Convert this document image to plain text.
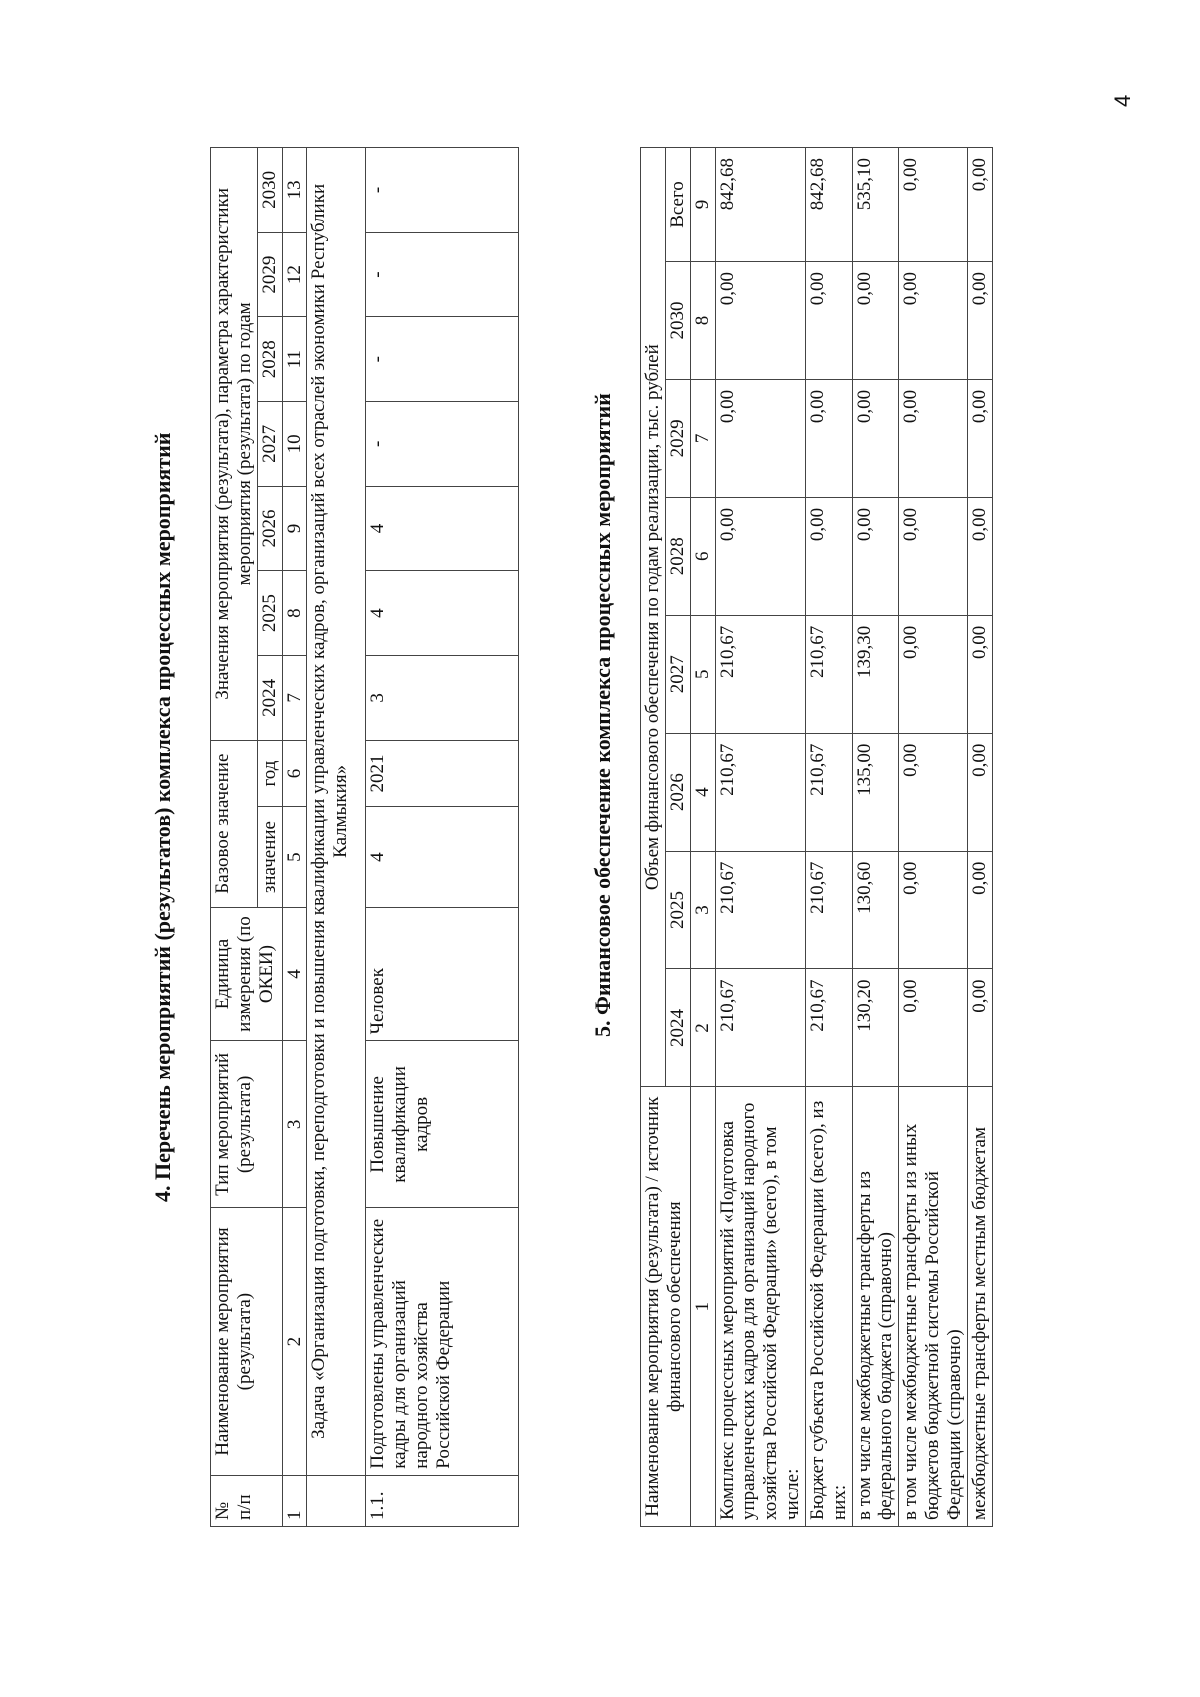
4. Перечень мероприятий (результатов) комплекса процессных мероприятий
№ п/п	Наименование мероприятия (результата)	Тип мероприятий (результата)	Единица измерения (по ОКЕИ)	Базовое значение		Значения мероприятия (результата), параметра характеристики мероприятия (результата) по годам						
				значение	год	2024	2025	2026	2027	2028	2029	2030
1	2	3	4	5	6	7	8	9	10	11	12	13
	Задача «Организация подготовки, переподготовки и повышения квалификации управленческих кадров, организаций всех отраслей экономики Республики Калмыкия»											
1.1.	Подготовлены управленческие кадры для организаций народного хозяйства Российской Федерации	Повышение квалификации кадров	Человек	4	2021	3	4	4	-	-	-	-
5. Финансовое обеспечение комплекса процессных мероприятий
Наименование мероприятия (результата) / источник финансового обеспечения	Объем финансового обеспечения по годам реализации, тыс. рублей							
	2024	2025	2026	2027	2028	2029	2030	Всего
1	2	3	4	5	6	7	8	9
Комплекс процессных мероприятий «Подготовка управленческих кадров для организаций народного хозяйства Российской Федерации» (всего), в том числе:	210,67	210,67	210,67	210,67	0,00	0,00	0,00	842,68
Бюджет субъекта Российской Федерации (всего), из них:	210,67	210,67	210,67	210,67	0,00	0,00	0,00	842,68
в том числе межбюджетные трансферты из федерального бюджета (справочно)	130,20	130,60	135,00	139,30	0,00	0,00	0,00	535,10
в том числе межбюджетные трансферты из иных бюджетов бюджетной системы Российской Федерации (справочно)	0,00	0,00	0,00	0,00	0,00	0,00	0,00	0,00
межбюджетные трансферты местным бюджетам	0,00	0,00	0,00	0,00	0,00	0,00	0,00	0,00
4
